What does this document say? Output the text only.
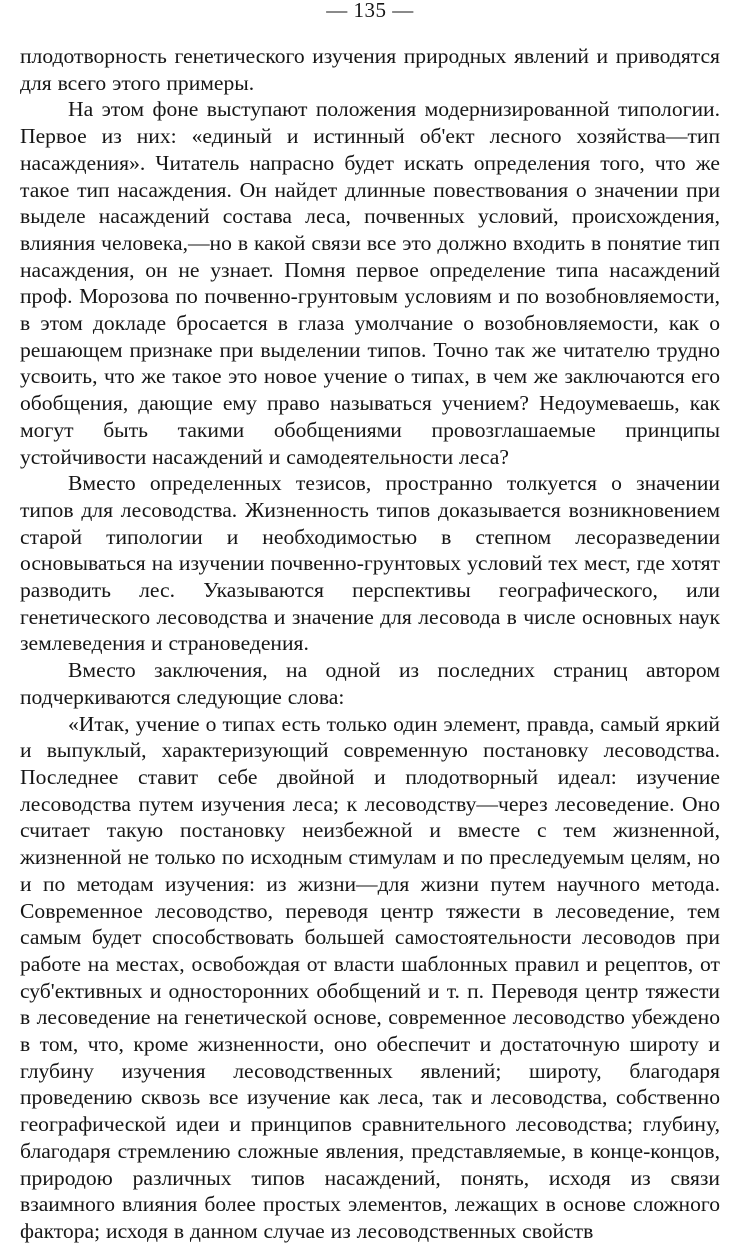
— 135 —

плодотворность генетического изучения природных явлений и приводятся для всего этого примеры.

На этом фоне выступают положения модернизированной типологии. Первое из них: «единый и истинный об'ект лесного хозяйства—тип насаждения». Читатель напрасно будет искать определения того, что же такое тип насаждения. Он найдет длинные повествования о значении при выделе насаждений состава леса, почвенных условий, происхождения, влияния человека,—но в какой связи все это должно входить в понятие тип насаждения, он не узнает. Помня первое определение типа насаждений проф. Морозова по почвенно-грунтовым условиям и по возобновляемости, в этом докладе бросается в глаза умолчание о возобновляемости, как о решающем признаке при выделении типов. Точно так же читателю трудно усвоить, что же такое это новое учение о типах, в чем же заключаются его обобщения, дающие ему право называться учением? Недоумеваешь, как могут быть такими обобщениями провозглашаемые принципы устойчивости насаждений и самодеятельности леса?

Вместо определенных тезисов, пространно толкуется о значении типов для лесоводства. Жизненность типов доказывается возникновением старой типологии и необходимостью в степном лесоразведении основываться на изучении почвенно-грунтовых условий тех мест, где хотят разводить лес. Указываются перспективы географического, или генетического лесоводства и значение для лесовода в числе основных наук землеведения и страноведения.

Вместо заключения, на одной из последних страниц автором подчеркиваются следующие слова:

«Итак, учение о типах есть только один элемент, правда, самый яркий и выпуклый, характеризующий современную постановку лесоводства. Последнее ставит себе двойной и плодотворный идеал: изучение лесоводства путем изучения леса; к лесоводству—через лесоведение. Оно считает такую постановку неизбежной и вместе с тем жизненной, жизненной не только по исходным стимулам и по преследуемым целям, но и по методам изучения: из жизни—для жизни путем научного метода. Современное лесоводство, переводя центр тяжести в лесоведение, тем самым будет способствовать большей самостоятельности лесоводов при работе на местах, освобождая от власти шаблонных правил и рецептов, от суб'ективных и односторонних обобщений и т. п. Переводя центр тяжести в лесоведение на генетической основе, современное лесоводство убеждено в том, что, кроме жизненности, оно обеспечит и достаточную широту и глубину изучения лесоводственных явлений; широту, благодаря проведению сквозь все изучение как леса, так и лесоводства, собственно географической идеи и принципов сравнительного лесоводства; глубину, благодаря стремлению сложные явления, представляемые, в конце-концов, природою различных типов насаждений, понять, исходя из связи взаимного влияния более простых элементов, лежащих в основе сложного фактора; исходя в данном случае из лесоводственных свойств
